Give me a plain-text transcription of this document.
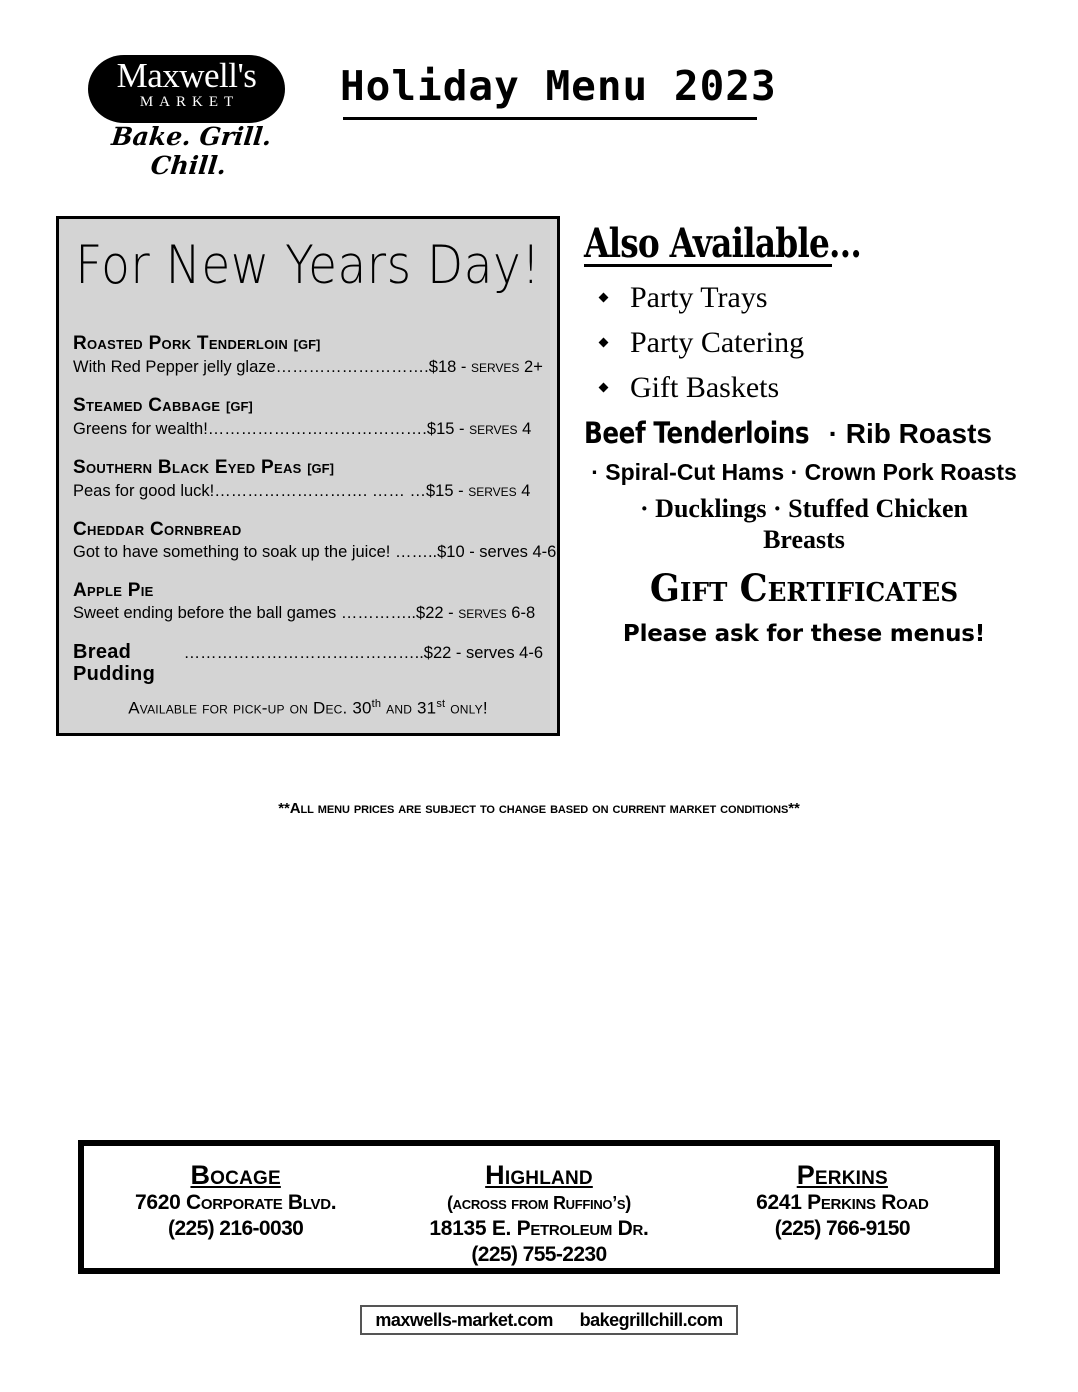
Maxwell's
MARKET
Bake. Grill. Chill.
Holiday Menu 2023
For New Years Day!
Roasted Pork Tenderloin [GF]
With Red Pepper jelly glaze……………………….$18 - serves 2+
Steamed Cabbage [GF]
Greens for wealth!………………………………….$15 - serves 4
Southern Black Eyed Peas [GF]
Peas for good luck!………………………. …… …$15 - serves 4
Cheddar Cornbread
Got to have something to soak up the juice! ……..$10 - serves 4-6
Apple Pie
Sweet ending before the ball games …………..$22 - serves 6-8
Bread Pudding
……………………………………..$22 - serves 4-6
Available for pick-up on Dec. 30th and 31st only!
Also Available…
Party Trays
Party Catering
Gift Baskets
Beef Tenderloins · Rib Roasts
· Spiral-Cut Hams · Crown Pork Roasts
· Ducklings · Stuffed Chicken Breasts
Gift Certificates
Please ask for these menus!
**All menu prices are subject to change based on current market conditions**
Bocage
7620 Corporate Blvd.
(225) 216-0030
Highland
(across from Ruffino’s)
18135 E. Petroleum Dr.
(225) 755-2230
Perkins
6241 Perkins Road
(225) 766-9150
maxwells-market.com bakegrillchill.com
